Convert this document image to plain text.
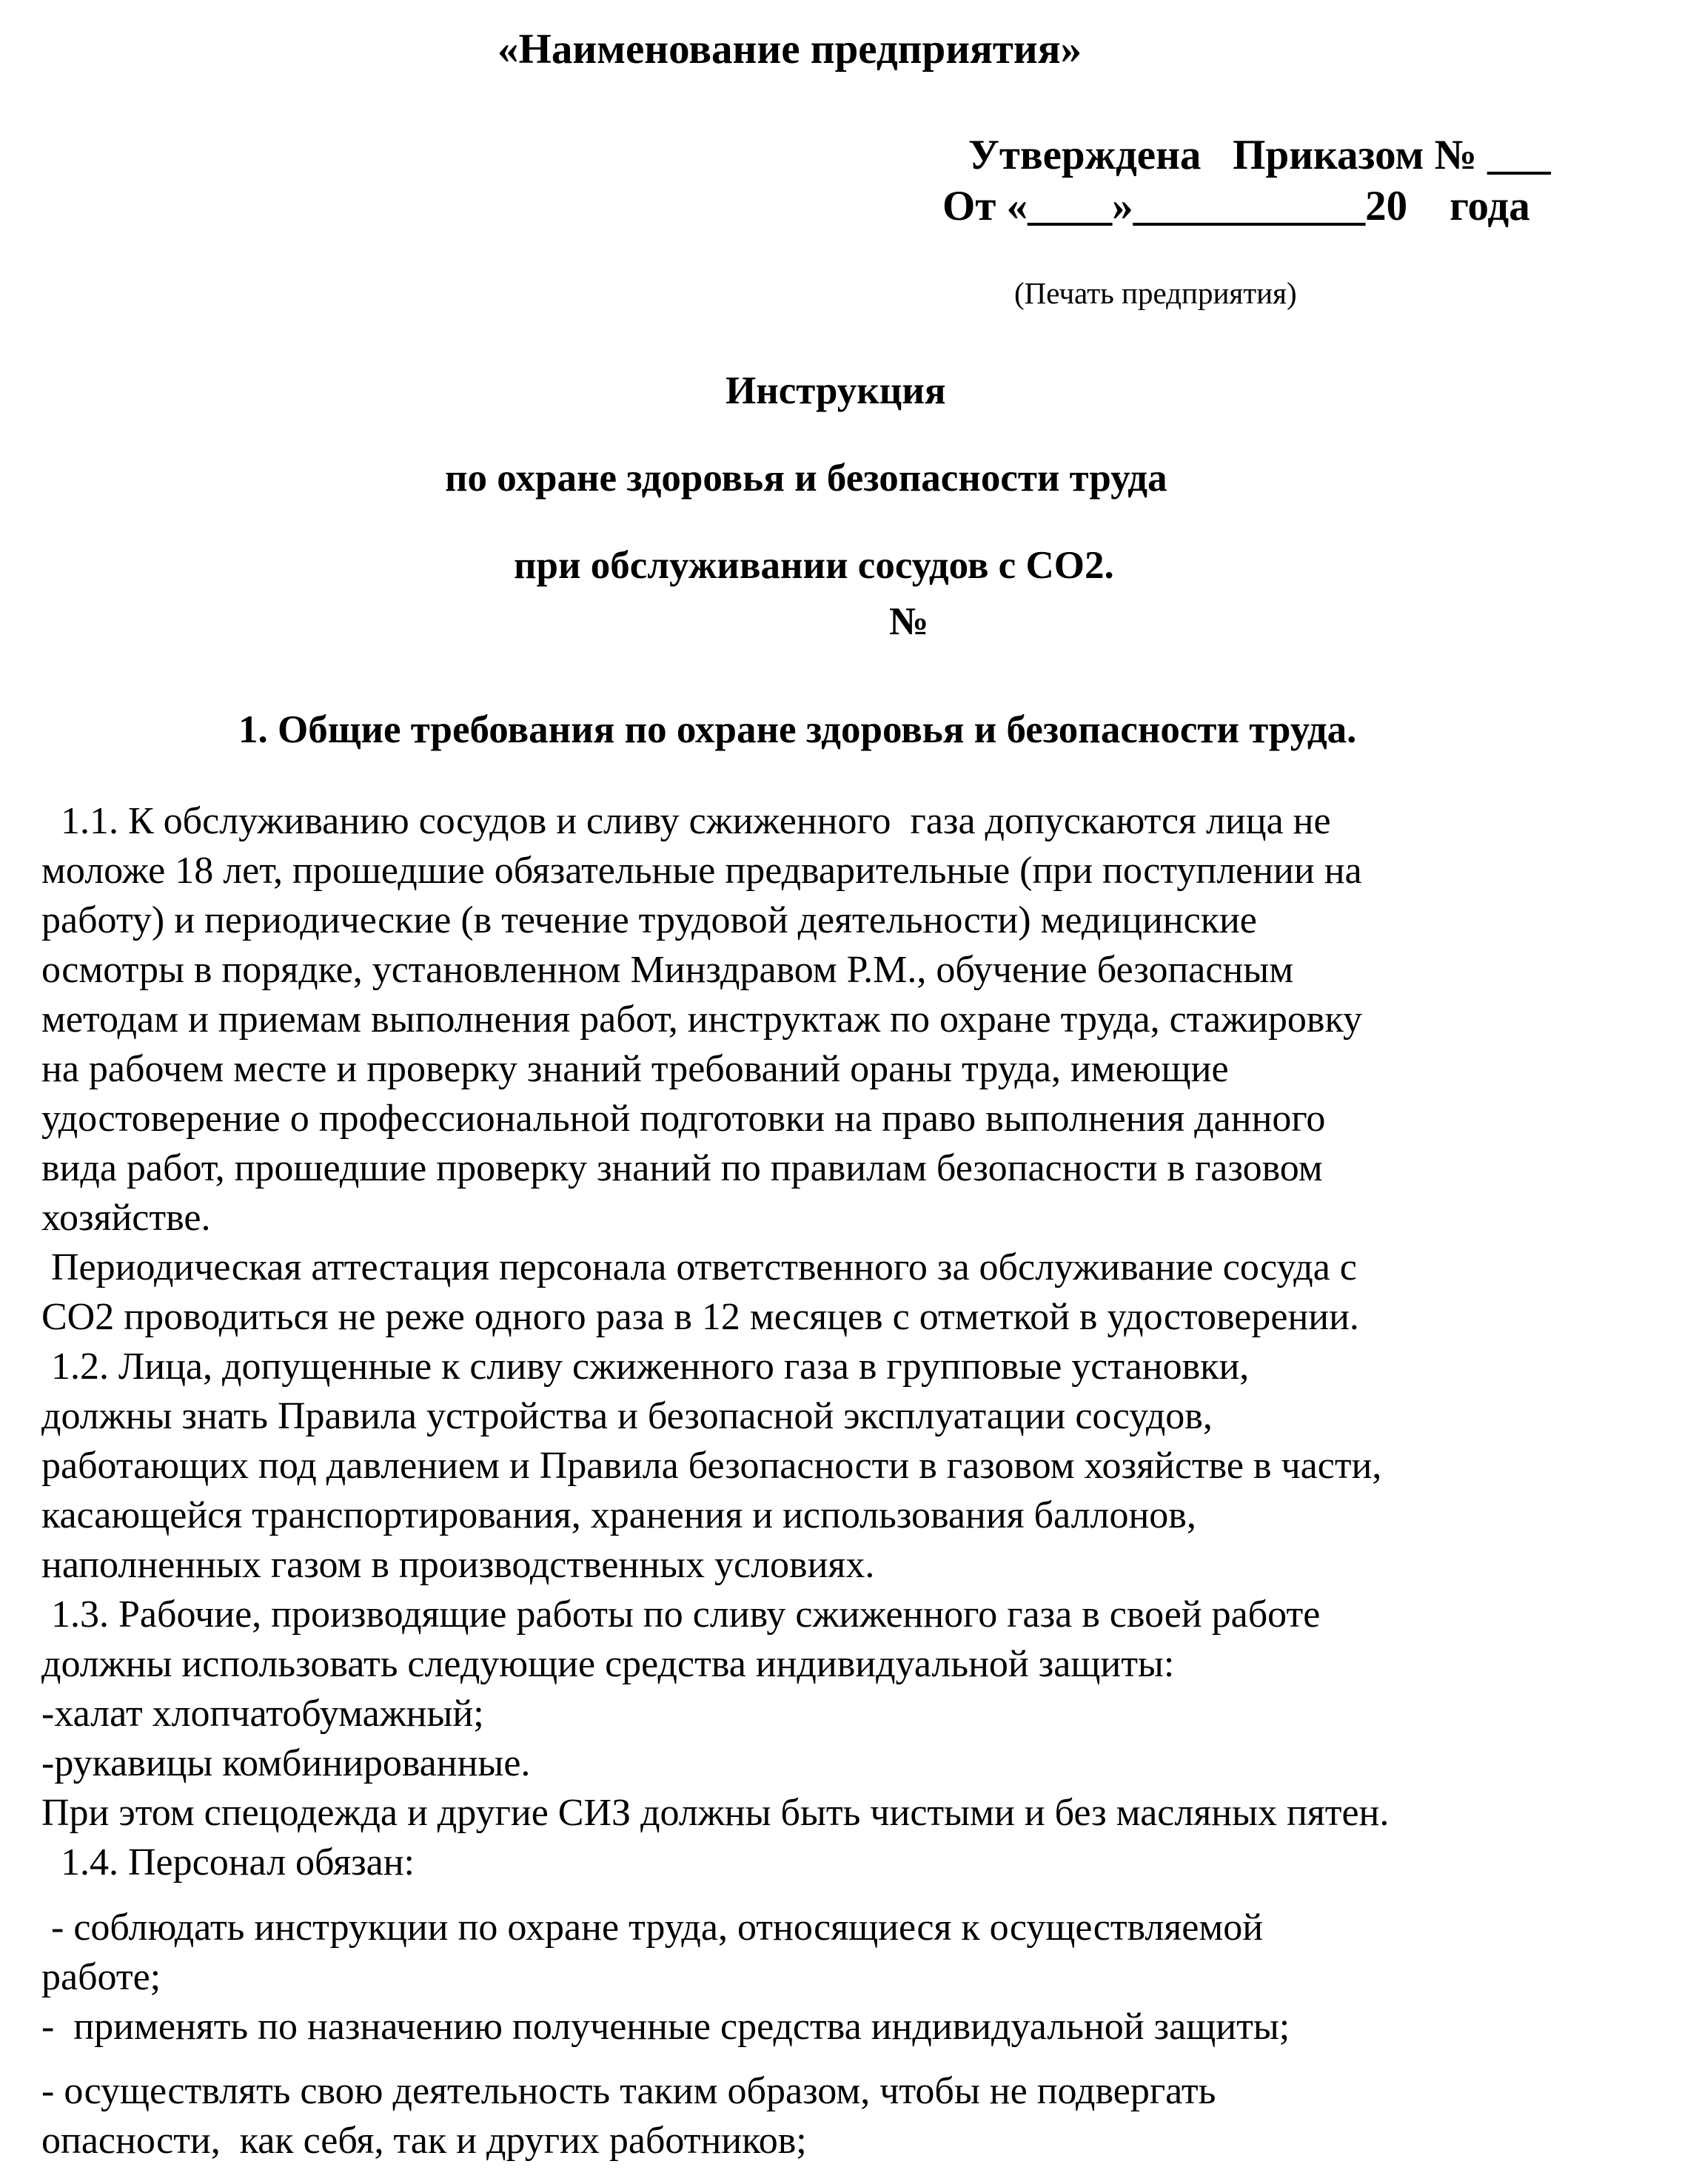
«Наименование предприятия»
Утверждена   Приказом № ___
От «____»___________20    года
(Печать предприятия)
Инструкция
по охране здоровья и безопасности труда
при обслуживании сосудов с СО2.
№
1. Общие требования по охране здоровья и безопасности труда.
1.1. К обслуживанию сосудов и сливу сжиженного  газа допускаются лица не
моложе 18 лет, прошедшие обязательные предварительные (при поступлении на
работу) и периодические (в течение трудовой деятельности) медицинские
осмотры в порядке, установленном Минздравом Р.М., обучение безопасным
методам и приемам выполнения работ, инструктаж по охране труда, стажировку
на рабочем месте и проверку знаний требований ораны труда, имеющие
удостоверение о профессиональной подготовки на право выполнения данного
вида работ, прошедшие проверку знаний по правилам безопасности в газовом
хозяйстве.
Периодическая аттестация персонала ответственного за обслуживание сосуда с
СО2 проводиться не реже одного раза в 12 месяцев с отметкой в удостоверении.
1.2. Лица, допущенные к сливу сжиженного газа в групповые установки,
должны знать Правила устройства и безопасной эксплуатации сосудов,
работающих под давлением и Правила безопасности в газовом хозяйстве в части,
касающейся транспортирования, хранения и использования баллонов,
наполненных газом в производственных условиях.
1.3. Рабочие, производящие работы по сливу сжиженного газа в своей работе
должны использовать следующие средства индивидуальной защиты:
-халат хлопчатобумажный;
-рукавицы комбинированные.
При этом спецодежда и другие СИЗ должны быть чистыми и без масляных пятен.
1.4. Персонал обязан:
- соблюдать инструкции по охране труда, относящиеся к осуществляемой
работе;
-  применять по назначению полученные средства индивидуальной защиты;
- осуществлять свою деятельность таким образом, чтобы не подвергать
опасности,  как себя, так и других работников;
